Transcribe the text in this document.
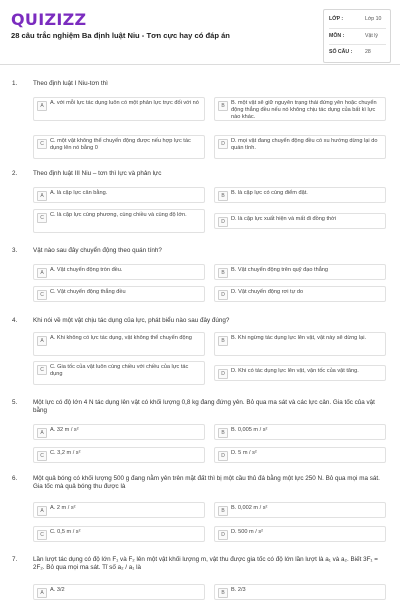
QUIZIZZ
28 câu trắc nghiệm Ba định luật Niu - Tơn cực hay có đáp án
LỚP :	Lớp 10
MÔN :	Vật lý
SỐ CÂU : 28
1. Theo định luật I Niu-tơn thì
A	A. với mỗi lực tác dụng luôn có một phản lực trực đối với nó	B	B. một vật sẽ giữ nguyên trạng thái đứng yên hoặc chuyển động thẳng đều nếu nó không chịu tác dụng của bất kì lực nào khác.
C	C. một vật không thể chuyển động được nếu hợp lực tác dụng lên nó bằng 0
D	D. mọi vật đang chuyển động đều có xu hướng dừng lại do quán tính.
2. Theo định luật III Niu – tơn thì lực và phản lực
A	A. là cặp lực cân bằng.	B	B. là cặp lực có cùng điểm đặt.
C	C. là cặp lực cùng phương, cùng chiều và cùng độ lớn.
D	D. là cặp lực xuất hiện và mất đi đồng thời
3. Vật nào sau đây chuyển động theo quán tính?
A	A. Vật chuyển động tròn đều.	B	B. Vật chuyển động trên quỹ đạo thẳng
C	C. Vật chuyển động thẳng đều	D	D. Vật chuyển động rơi tự do
4. Khi nói về một vật chịu tác dụng của lực, phát biểu nào sau đây đúng?
A	A. Khi không có lực tác dụng, vật không thể chuyển động	B	B. Khi ngừng tác dụng lực lên vật, vật này sẽ dừng lại.
C	C. Gia tốc của vật luôn cùng chiều với chiều của lực tác dụng	D	D. Khi có tác dụng lực lên vật, vận tốc của vật tăng.
5. Một lực có độ lớn 4 N tác dụng lên vật có khối lượng 0,8 kg đang đứng yên. Bỏ qua ma sát và các lực cản. Gia tốc của vật bằng
A	A. 32 m / s²	B	B. 0,005 m / s²
C	C. 3,2 m / s²	D	D. 5 m / s²
6. Một quả bóng có khối lượng 500 g đang nằm yên trên mặt đất thì bị một cầu thủ đá bằng một lực 250 N. Bỏ qua mọi ma sát. Gia tốc mà quả bóng thu được là
A	A. 2 m / s²	B	B. 0,002 m / s²
C	C. 0,5 m / s²	D	D. 500 m / s²
7. Lần lượt tác dụng có độ lớn F₁ và F₂ lên một vật khối lượng m, vật thu được gia tốc có độ lớn lần lượt là a₁ và a₂. Biết 3F₁ = 2F₂. Bỏ qua mọi ma sát. Tỉ số a₂ / a₁ là
A	A. 3/2	B	B. 2/3
